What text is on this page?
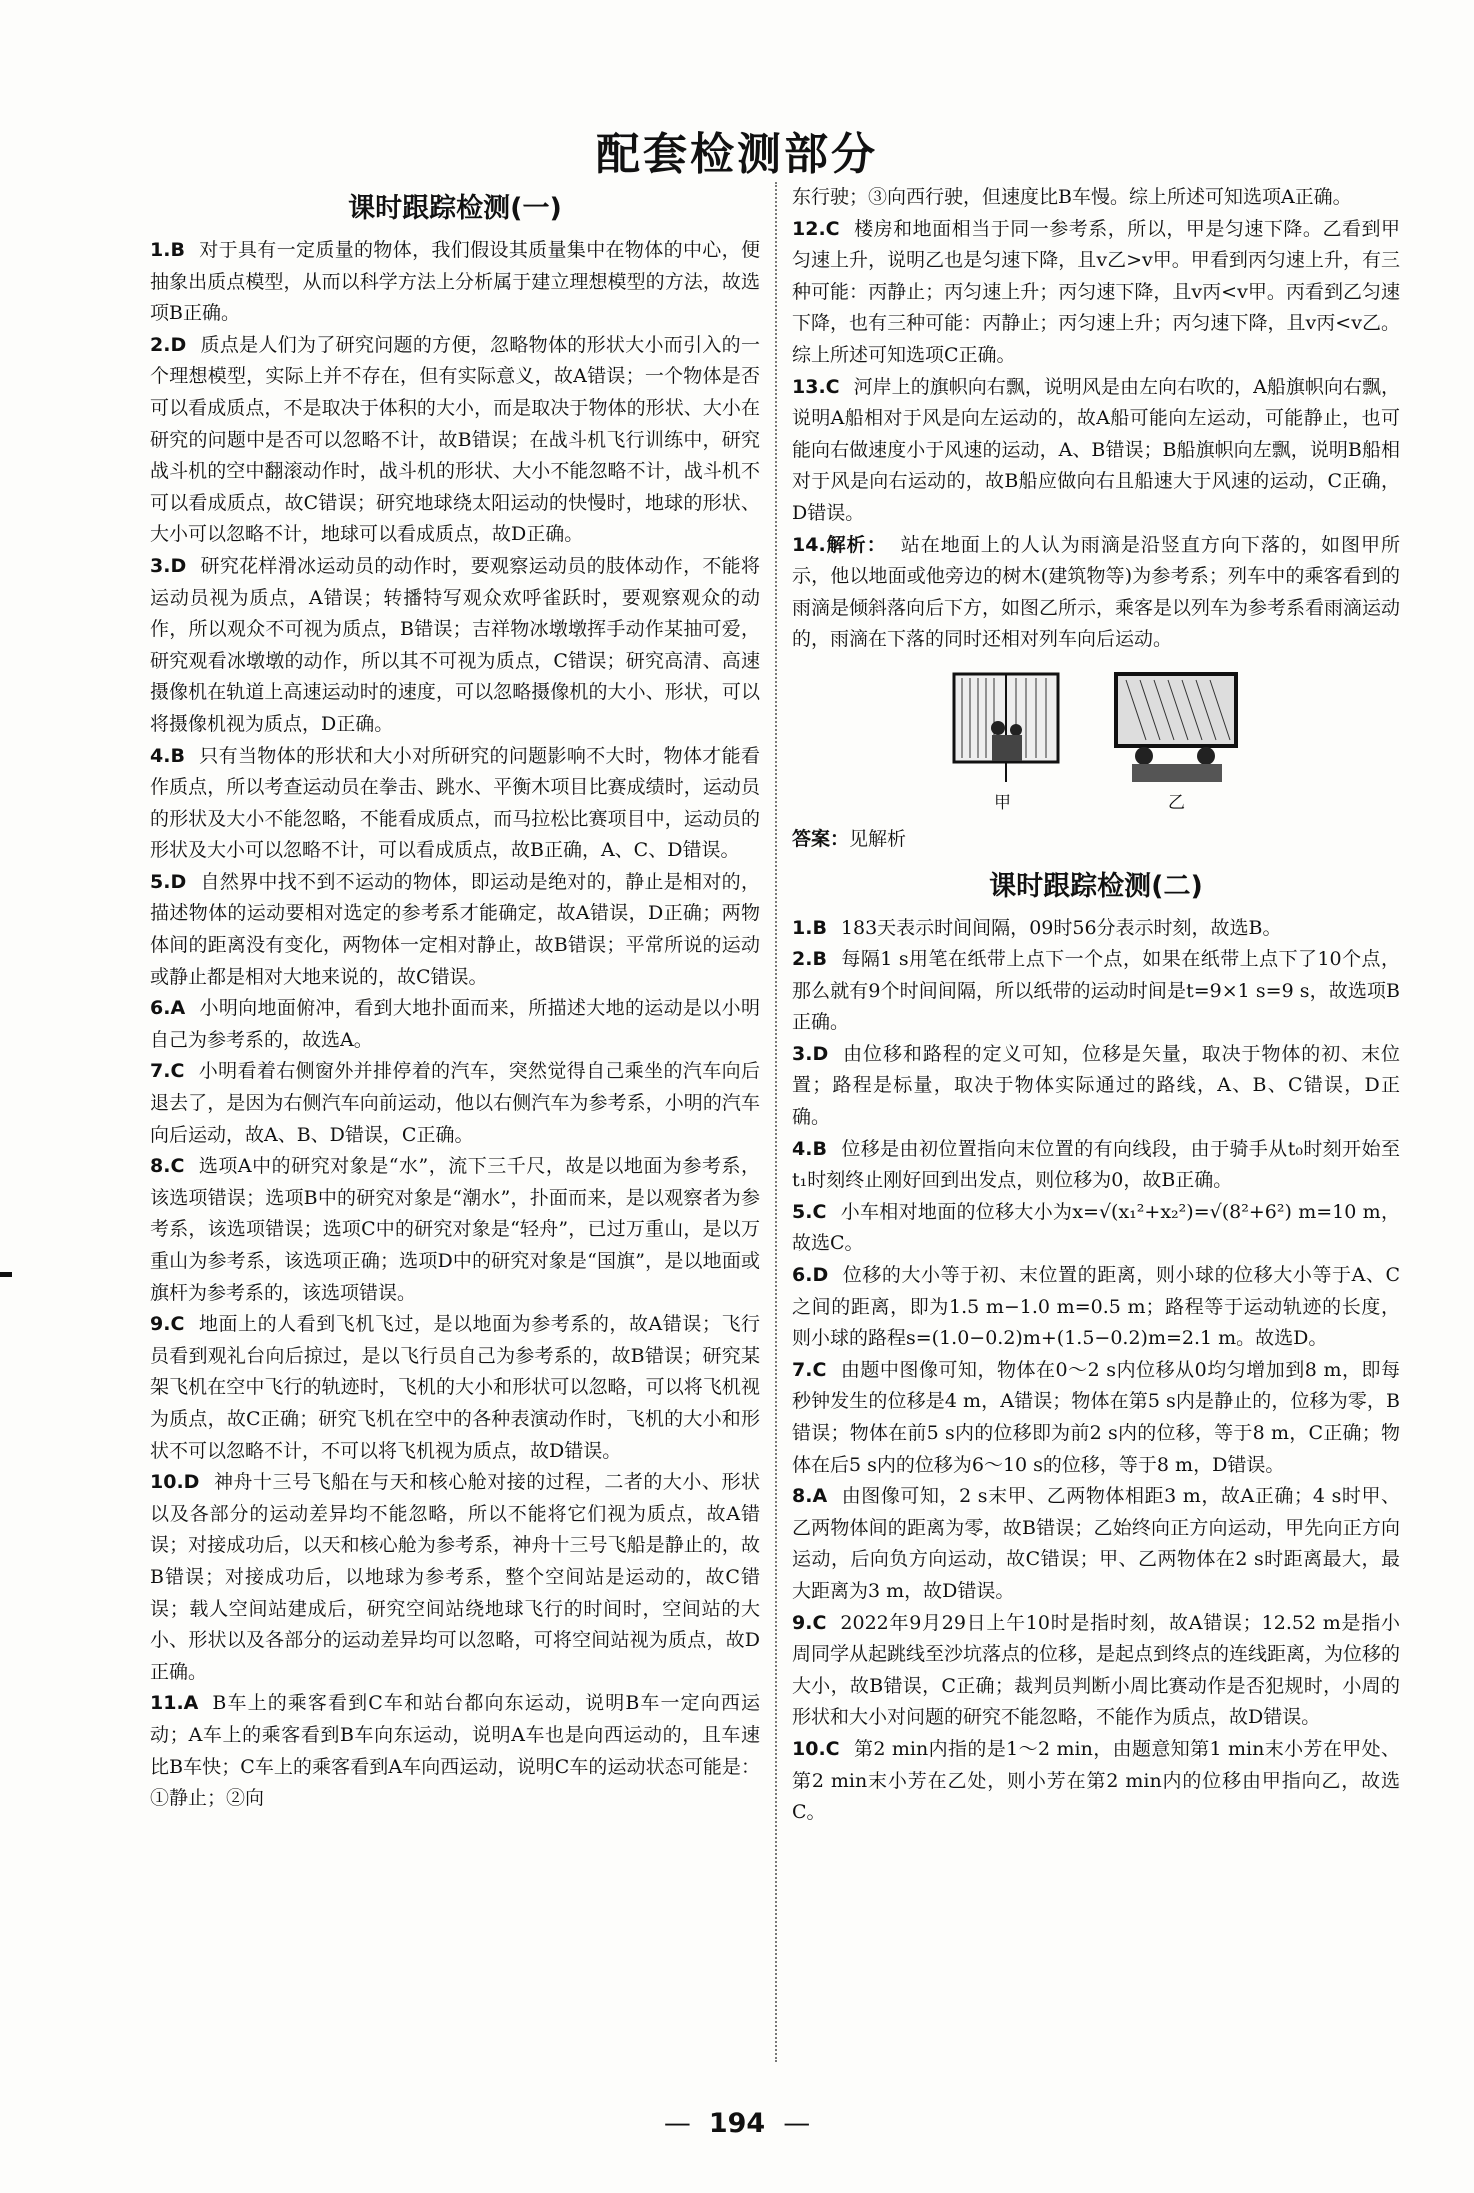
配套检测部分
课时跟踪检测(一)

1.B 对于具有一定质量的物体，我们假设其质量集中在物体的中心，便抽象出质点模型，从而以科学方法上分析属于建立理想模型的方法，故选项B正确。

2.D 质点是人们为了研究问题的方便，忽略物体的形状大小而引入的一个理想模型，实际上并不存在，但有实际意义，故A错误；一个物体是否可以看成质点，不是取决于体积的大小，而是取决于物体的形状、大小在研究的问题中是否可以忽略不计，故B错误；在战斗机飞行训练中，研究战斗机的空中翻滚动作时，战斗机的形状、大小不能忽略不计，战斗机不可以看成质点，故C错误；研究地球绕太阳运动的快慢时，地球的形状、大小可以忽略不计，地球可以看成质点，故D正确。

3.D 研究花样滑冰运动员的动作时，要观察运动员的肢体动作，不能将运动员视为质点，A错误；转播特写观众欢呼雀跃时，要观察观众的动作，所以观众不可视为质点，B错误；吉祥物冰墩墩挥手动作某抽可爱，研究观看冰墩墩的动作，所以其不可视为质点，C错误；研究高清、高速摄像机在轨道上高速运动时的速度，可以忽略摄像机的大小、形状，可以将摄像机视为质点，D正确。

4.B 只有当物体的形状和大小对所研究的问题影响不大时，物体才能看作质点，所以考查运动员在拳击、跳水、平衡木项目比赛成绩时，运动员的形状及大小不能忽略，不能看成质点，而马拉松比赛项目中，运动员的形状及大小可以忽略不计，可以看成质点，故B正确，A、C、D错误。

5.D 自然界中找不到不运动的物体，即运动是绝对的，静止是相对的，描述物体的运动要相对选定的参考系才能确定，故A错误，D正确；两物体间的距离没有变化，两物体一定相对静止，故B错误；平常所说的运动或静止都是相对大地来说的，故C错误。

6.A 小明向地面俯冲，看到大地扑面而来，所描述大地的运动是以小明自己为参考系的，故选A。

7.C 小明看着右侧窗外并排停着的汽车，突然觉得自己乘坐的汽车向后退去了，是因为右侧汽车向前运动，他以右侧汽车为参考系，小明的汽车向后运动，故A、B、D错误，C正确。

8.C 选项A中的研究对象是“水”，流下三千尺，故是以地面为参考系，该选项错误；选项B中的研究对象是“潮水”，扑面而来，是以观察者为参考系，该选项错误；选项C中的研究对象是“轻舟”，已过万重山，是以万重山为参考系，该选项正确；选项D中的研究对象是“国旗”，是以地面或旗杆为参考系的，该选项错误。

9.C 地面上的人看到飞机飞过，是以地面为参考系的，故A错误；飞行员看到观礼台向后掠过，是以飞行员自己为参考系的，故B错误；研究某架飞机在空中飞行的轨迹时，飞机的大小和形状可以忽略，可以将飞机视为质点，故C正确；研究飞机在空中的各种表演动作时，飞机的大小和形状不可以忽略不计，不可以将飞机视为质点，故D错误。

10.D 神舟十三号飞船在与天和核心舱对接的过程，二者的大小、形状以及各部分的运动差异均不能忽略，所以不能将它们视为质点，故A错误；对接成功后，以天和核心舱为参考系，神舟十三号飞船是静止的，故B错误；对接成功后，以地球为参考系，整个空间站是运动的，故C错误；载人空间站建成后，研究空间站绕地球飞行的时间时，空间站的大小、形状以及各部分的运动差异均可以忽略，可将空间站视为质点，故D正确。

11.A B车上的乘客看到C车和站台都向东运动，说明B车一定向西运动；A车上的乘客看到B车向东运动，说明A车也是向西运动的，且车速比B车快；C车上的乘客看到A车向西运动，说明C车的运动状态可能是：①静止；②向

东行驶；③向西行驶，但速度比B车慢。综上所述可知选项A正确。

12.C 楼房和地面相当于同一参考系，所以，甲是匀速下降。乙看到甲匀速上升，说明乙也是匀速下降，且v乙>v甲。甲看到丙匀速上升，有三种可能：丙静止；丙匀速上升；丙匀速下降，且v丙<v甲。丙看到乙匀速下降，也有三种可能：丙静止；丙匀速上升；丙匀速下降，且v丙<v乙。综上所述可知选项C正确。

13.C 河岸上的旗帜向右飘，说明风是由左向右吹的，A船旗帜向右飘，说明A船相对于风是向左运动的，故A船可能向左运动，可能静止，也可能向右做速度小于风速的运动，A、B错误；B船旗帜向左飘，说明B船相对于风是向右运动的，故B船应做向右且船速大于风速的运动，C正确，D错误。

14.解析： 站在地面上的人认为雨滴是沿竖直方向下落的，如图甲所示，他以地面或他旁边的树木(建筑物等)为参考系；列车中的乘客看到的雨滴是倾斜落向后下方，如图乙所示，乘客是以列车为参考系看雨滴运动的，雨滴在下落的同时还相对列车向后运动。

甲	乙

答案：见解析

课时跟踪检测(二)

1.B 183天表示时间间隔，09时56分表示时刻，故选B。

2.B 每隔1 s用笔在纸带上点下一个点，如果在纸带上点下了10个点，那么就有9个时间间隔，所以纸带的运动时间是t=9×1 s=9 s，故选项B正确。

3.D 由位移和路程的定义可知，位移是矢量，取决于物体的初、末位置；路程是标量，取决于物体实际通过的路线，A、B、C错误，D正确。

4.B 位移是由初位置指向末位置的有向线段，由于骑手从t₀时刻开始至t₁时刻终止刚好回到出发点，则位移为0，故B正确。

5.C 小车相对地面的位移大小为x=√(x₁²+x₂²)=√(8²+6²) m=10 m，故选C。

6.D 位移的大小等于初、末位置的距离，则小球的位移大小等于A、C之间的距离，即为1.5 m−1.0 m=0.5 m；路程等于运动轨迹的长度，则小球的路程s=(1.0−0.2)m+(1.5−0.2)m=2.1 m。故选D。

7.C 由题中图像可知，物体在0～2 s内位移从0均匀增加到8 m，即每秒钟发生的位移是4 m，A错误；物体在第5 s内是静止的，位移为零，B错误；物体在前5 s内的位移即为前2 s内的位移，等于8 m，C正确；物体在后5 s内的位移为6～10 s的位移，等于8 m，D错误。

8.A 由图像可知，2 s末甲、乙两物体相距3 m，故A正确；4 s时甲、乙两物体间的距离为零，故B错误；乙始终向正方向运动，甲先向正方向运动，后向负方向运动，故C错误；甲、乙两物体在2 s时距离最大，最大距离为3 m，故D错误。

9.C 2022年9月29日上午10时是指时刻，故A错误；12.52 m是指小周同学从起跳线至沙坑落点的位移，是起点到终点的连线距离，为位移的大小，故B错误，C正确；裁判员判断小周比赛动作是否犯规时，小周的形状和大小对问题的研究不能忽略，不能作为质点，故D错误。

10.C 第2 min内指的是1～2 min，由题意知第1 min末小芳在甲处、第2 min末小芳在乙处，则小芳在第2 min内的位移由甲指向乙，故选C。

— 194 —
